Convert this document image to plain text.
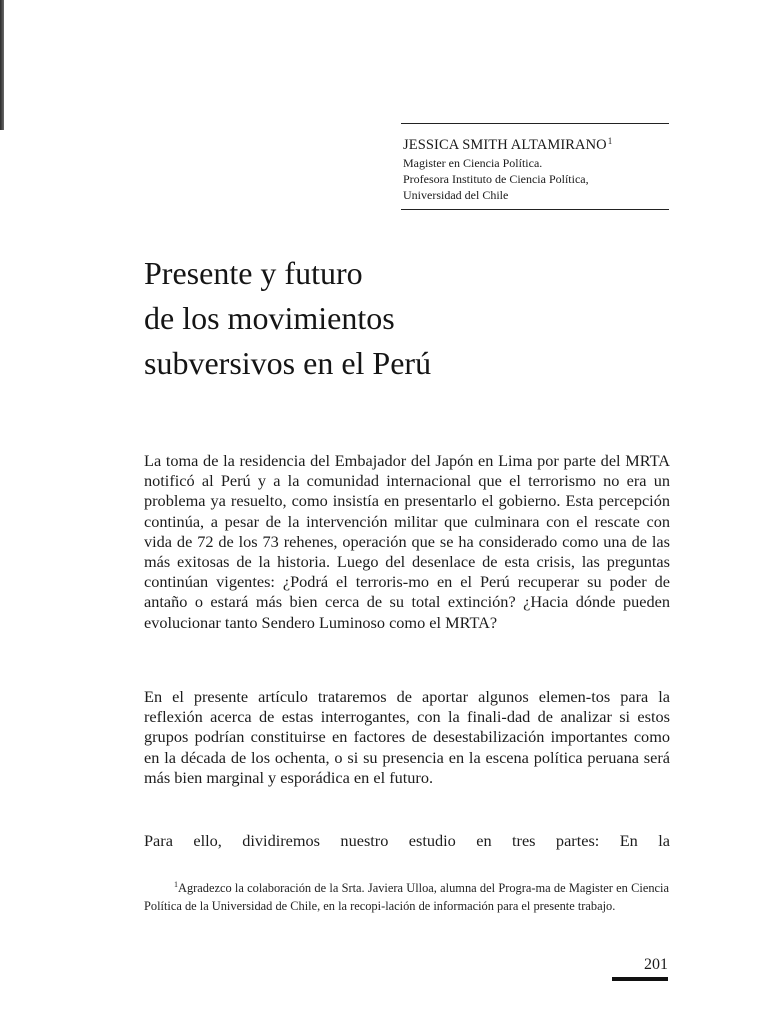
JESSICA SMITH ALTAMIRANO$^1$
Magister en Ciencia Política.
Profesora Instituto de Ciencia Política,
Universidad del Chile
Presente y futuro
de los movimientos
subversivos en el Perú

La toma de la residencia del Embajador del Japón en Lima por parte del MRTA notificó al Perú y a la comunidad internacional que el terrorismo no era un problema ya resuelto, como insistía en presentarlo el gobierno. Esta percepción continúa, a pesar de la intervención militar que culminara con el rescate con vida de 72 de los 73 rehenes, operación que se ha considerado como una de las más exitosas de la historia. Luego del desenlace de esta crisis, las preguntas continúan vigentes: ¿Podrá el terroris-mo en el Perú recuperar su poder de antaño o estará más bien cerca de su total extinción? ¿Hacia dónde pueden evolucionar tanto Sendero Luminoso como el MRTA?

En el presente artículo trataremos de aportar algunos elemen-tos para la reflexión acerca de estas interrogantes, con la finali-dad de analizar si estos grupos podrían constituirse en factores de desestabilización importantes como en la década de los ochenta, o si su presencia en la escena política peruana será más bien marginal y esporádica en el futuro.

Para ello, dividiremos nuestro estudio en tres partes: En la

$^1$Agradezco la colaboración de la Srta. Javiera Ulloa, alumna del Progra-ma de Magister en Ciencia Política de la Universidad de Chile, en la recopi-lación de información para el presente trabajo.

201
